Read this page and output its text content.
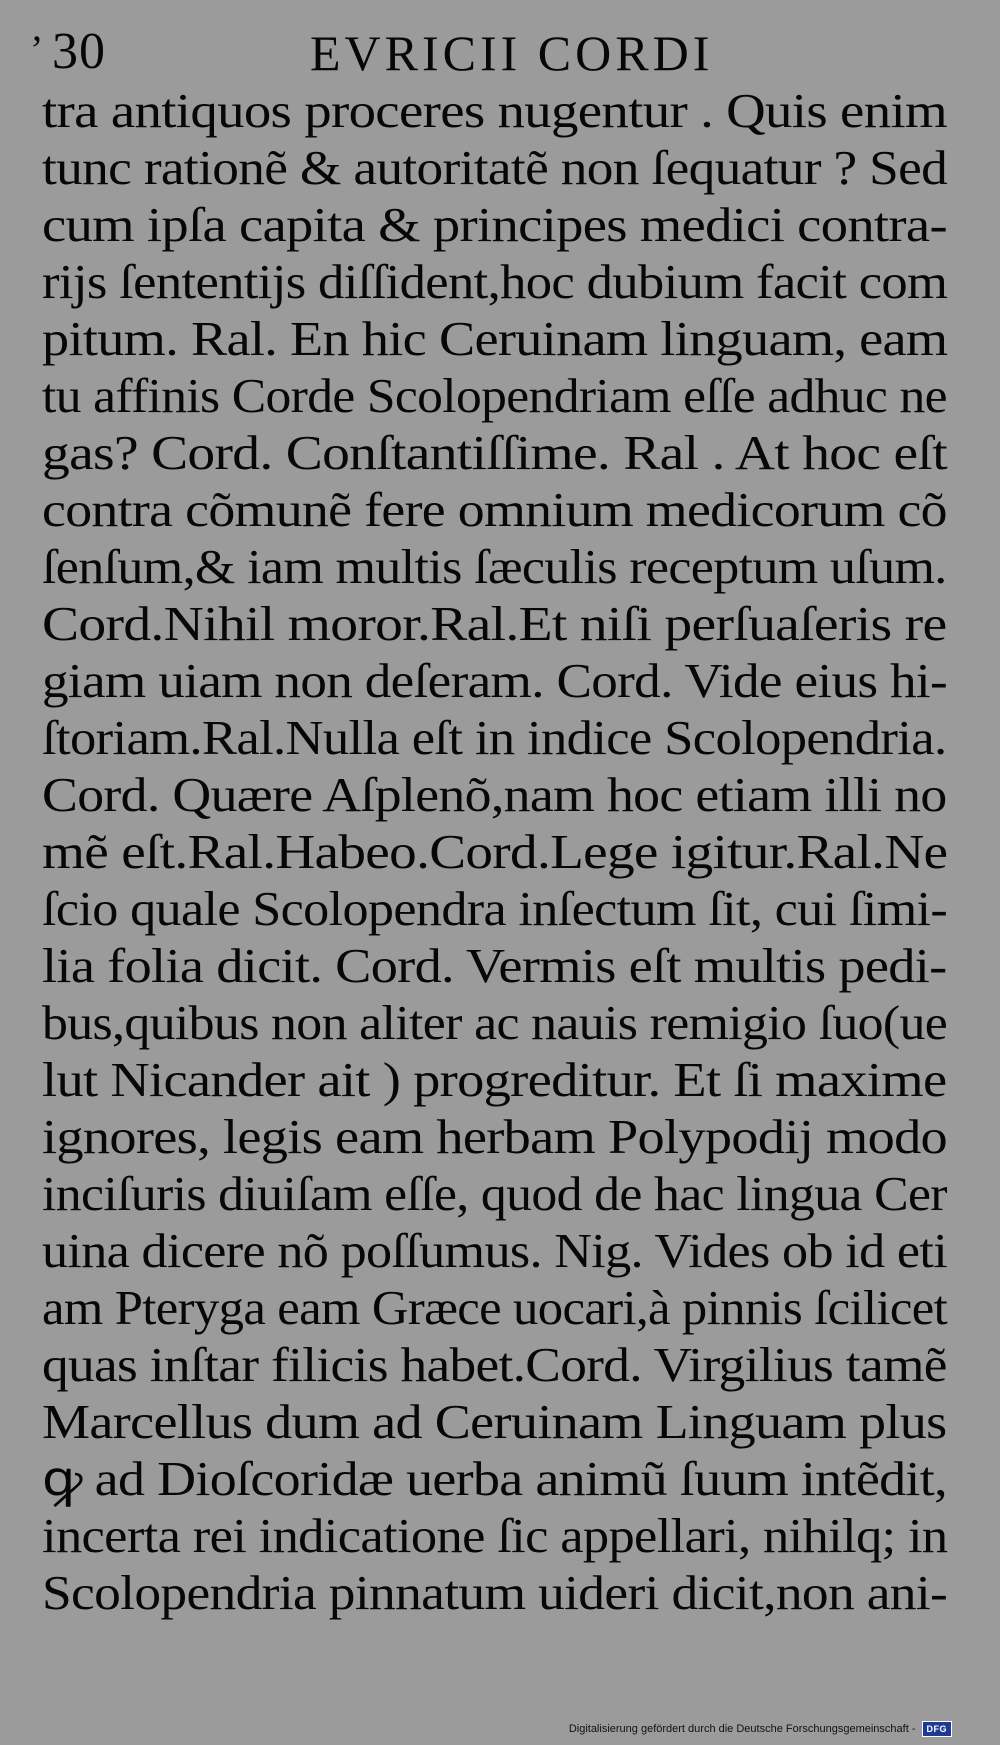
’ 30	EVRICII CORDI
tra antiquos proceres nugentur . Quis enim
tunc rationẽ & autoritatẽ non ſequatur ? Sed
cum ipſa capita & principes medici contra-
rijs ſententijs diſſident,hoc dubium facit com
pitum. Ral. En hic Ceruinam linguam, eam
tu affinis Corde Scolopendriam eſſe adhuc ne
gas? Cord. Conſtantiſſime. Ral . At hoc eſt
contra cõmunẽ fere omnium medicorum cõ
ſenſum,& iam multis ſæculis receptum uſum.
Cord.Nihil moror.Ral.Et niſi perſuaſeris re
giam uiam non deſeram. Cord. Vide eius hi-
ſtoriam.Ral.Nulla eſt in indice Scolopendria.
Cord. Quære Aſplenõ,nam hoc etiam illi no
mẽ eſt.Ral.Habeo.Cord.Lege igitur.Ral.Ne
ſcio quale Scolopendra inſectum ſit, cui ſimi-
lia folia dicit. Cord. Vermis eſt multis pedi-
bus,quibus non aliter ac nauis remigio ſuo(ue
lut Nicander ait ) progreditur. Et ſi maxime
ignores, legis eam herbam Polypodij modo
inciſuris diuiſam eſſe, quod de hac lingua Cer
uina dicere nõ poſſumus. Nig. Vides ob id eti
am Pteryga eam Græce uocari,à pinnis ſcilicet
quas inſtar filicis habet.Cord. Virgilius tamẽ
Marcellus dum ad Ceruinam Linguam plus
ꝙ ad Dioſcoridæ uerba animũ ſuum intẽdit,
incerta rei indicatione ſic appellari, nihilq; in
Scolopendria pinnatum uideri dicit,non ani-
Digitalisierung gefördert durch die Deutsche Forschungsgemeinschaft -	DFG
